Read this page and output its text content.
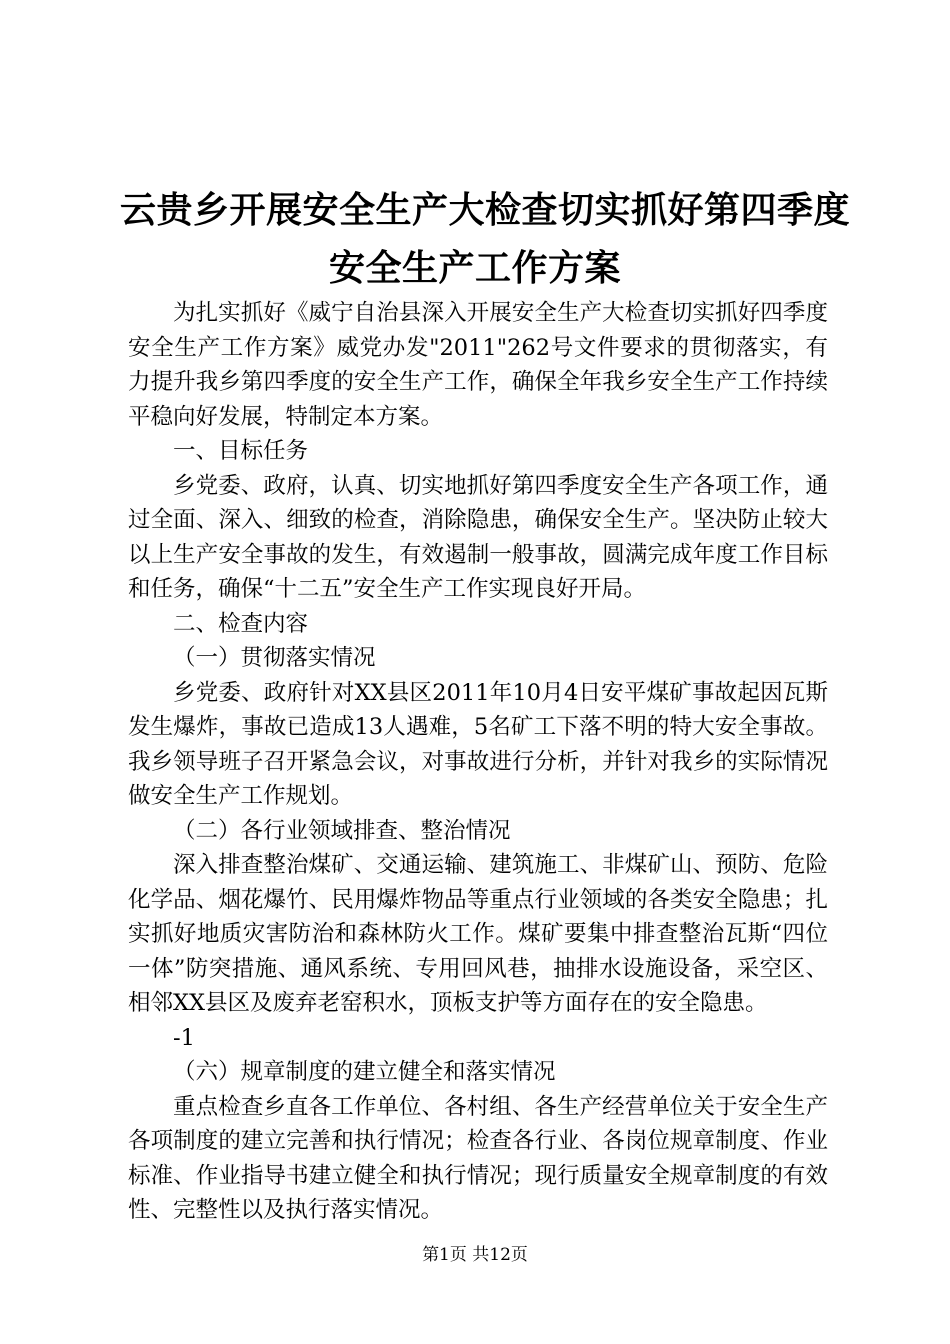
云贵乡开展安全生产大检查切实抓好第四季度
安全生产工作方案

为扎实抓好《威宁自治县深入开展安全生产大检查切实抓好四季度安全生产工作方案》威党办发"2011"262号文件要求的贯彻落实，有力提升我乡第四季度的安全生产工作，确保全年我乡安全生产工作持续平稳向好发展，特制定本方案。

一、目标任务

乡党委、政府，认真、切实地抓好第四季度安全生产各项工作，通过全面、深入、细致的检查，消除隐患，确保安全生产。坚决防止较大以上生产安全事故的发生，有效遏制一般事故，圆满完成年度工作目标和任务，确保“十二五”安全生产工作实现良好开局。

二、检查内容

（一）贯彻落实情况

乡党委、政府针对XX县区2011年10月4日安平煤矿事故起因瓦斯发生爆炸，事故已造成13人遇难，5名矿工下落不明的特大安全事故。我乡领导班子召开紧急会议，对事故进行分析，并针对我乡的实际情况做安全生产工作规划。

（二）各行业领域排查、整治情况

深入排查整治煤矿、交通运输、建筑施工、非煤矿山、预防、危险化学品、烟花爆竹、民用爆炸物品等重点行业领域的各类安全隐患；扎实抓好地质灾害防治和森林防火工作。煤矿要集中排查整治瓦斯“四位一体”防突措施、通风系统、专用回风巷，抽排水设施设备，采空区、相邻XX县区及废弃老窑积水，顶板支护等方面存在的安全隐患。

-1

（六）规章制度的建立健全和落实情况

重点检查乡直各工作单位、各村组、各生产经营单位关于安全生产各项制度的建立完善和执行情况；检查各行业、各岗位规章制度、作业标准、作业指导书建立健全和执行情况；现行质量安全规章制度的有效性、完整性以及执行落实情况。

第1页 共12页
